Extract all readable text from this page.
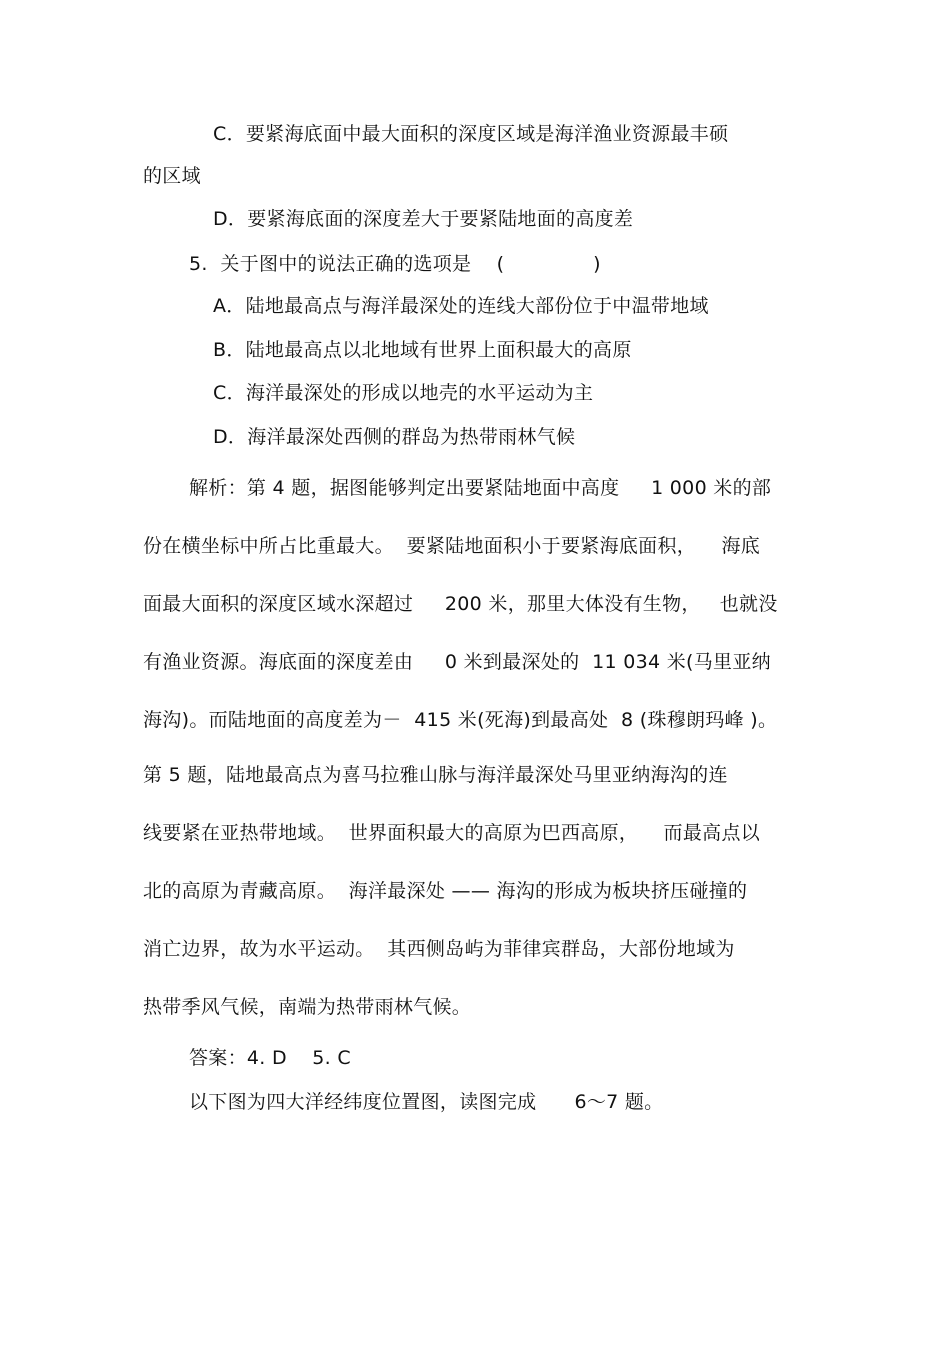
C．要紧海底面中最大面积的深度区域是海洋渔业资源最丰硕
的区域
D．要紧海底面的深度差大于要紧陆地面的高度差
5.  关于图中的说法正确的选项是    (              )
A．陆地最高点与海洋最深处的连线大部份位于中温带地域
B．陆地最高点以北地域有世界上面积最大的高原
C．海洋最深处的形成以地壳的水平运动为主
D．海洋最深处西侧的群岛为热带雨林气候
解析：第 4 题，据图能够判定出要紧陆地面中高度     1 000 米的部
份在横坐标中所占比重最大。  要紧陆地面积小于要紧海底面积，    海底
面最大面积的深度区域水深超过     200 米，那里大体没有生物，   也就没
有渔业资源。海底面的深度差由     0 米到最深处的  11 034 米(马里亚纳
海沟)。而陆地面的高度差为－  415 米(死海)到最高处  8 (珠穆朗玛峰 )。
第 5 题，陆地最高点为喜马拉雅山脉与海洋最深处马里亚纳海沟的连
线要紧在亚热带地域。  世界面积最大的高原为巴西高原，    而最高点以
北的高原为青藏高原。  海洋最深处 —— 海沟的形成为板块挤压碰撞的
消亡边界，故为水平运动。  其西侧岛屿为菲律宾群岛，大部份地域为
热带季风气候，南端为热带雨林气候。
答案：4. D    5. C
以下图为四大洋经纬度位置图，读图完成      6～7 题。
